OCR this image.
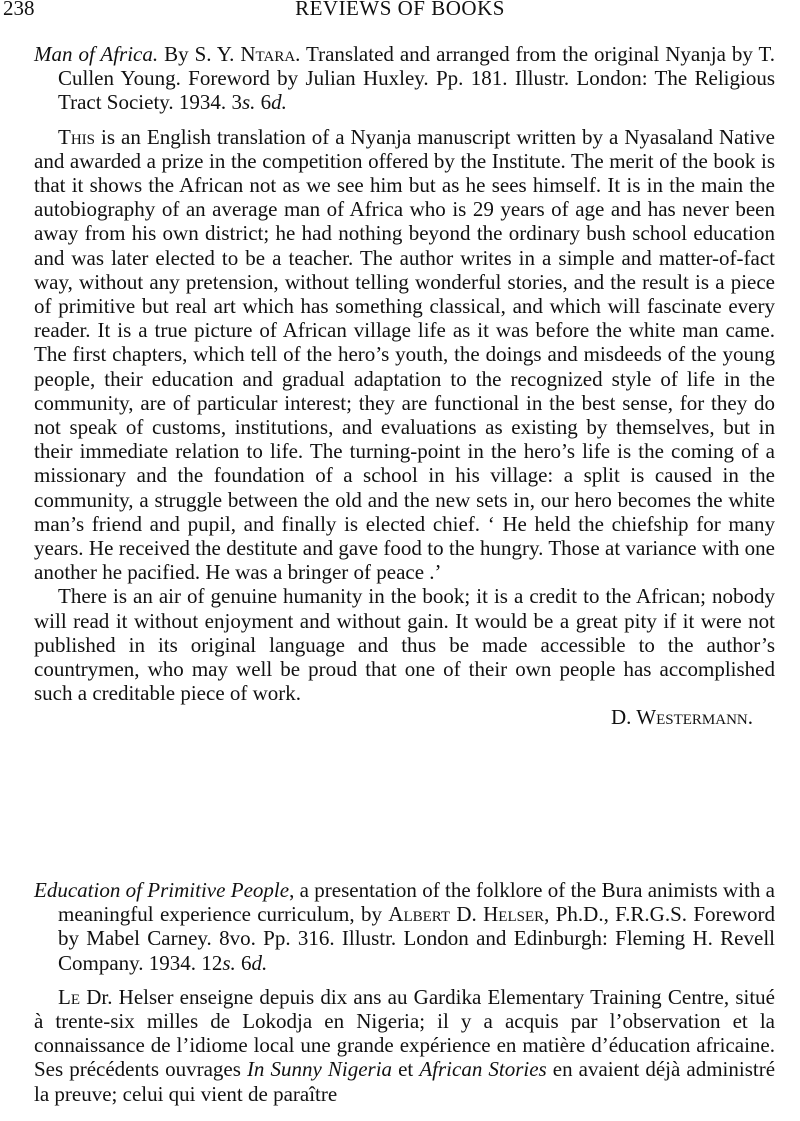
238	REVIEWS OF BOOKS

Man of Africa. By S. Y. Ntara. Translated and arranged from the original Nyanja by T. Cullen Young. Foreword by Julian Huxley. Pp. 181. Illustr. London: The Religious Tract Society. 1934. 3s. 6d.

This is an English translation of a Nyanja manuscript written by a Nyasaland Native and awarded a prize in the competition offered by the Institute. The merit of the book is that it shows the African not as we see him but as he sees himself. It is in the main the autobiography of an average man of Africa who is 29 years of age and has never been away from his own district; he had nothing beyond the ordinary bush school education and was later elected to be a teacher. The author writes in a simple and matter-of-fact way, without any pretension, without telling wonderful stories, and the result is a piece of primitive but real art which has something classical, and which will fascinate every reader. It is a true picture of African village life as it was before the white man came. The first chapters, which tell of the hero’s youth, the doings and misdeeds of the young people, their education and gradual adaptation to the recognized style of life in the community, are of particular interest; they are functional in the best sense, for they do not speak of customs, institutions, and evaluations as existing by themselves, but in their immediate relation to life. The turning-point in the hero’s life is the coming of a missionary and the foundation of a school in his village: a split is caused in the community, a struggle between the old and the new sets in, our hero becomes the white man’s friend and pupil, and finally is elected chief. ‘ He held the chiefship for many years. He received the destitute and gave food to the hungry. Those at variance with one another he pacified. He was a bringer of peace .’

There is an air of genuine humanity in the book; it is a credit to the African; nobody will read it without enjoyment and without gain. It would be a great pity if it were not published in its original language and thus be made accessible to the author’s countrymen, who may well be proud that one of their own people has accomplished such a creditable piece of work.

D. Westermann.

Education of Primitive People, a presentation of the folklore of the Bura animists with a meaningful experience curriculum, by Albert D. Helser, Ph.D., F.R.G.S. Foreword by Mabel Carney. 8vo. Pp. 316. Illustr. London and Edinburgh: Fleming H. Revell Company. 1934. 12s. 6d.

Le Dr. Helser enseigne depuis dix ans au Gardika Elementary Training Centre, situé à trente-six milles de Lokodja en Nigeria; il y a acquis par l’observation et la connaissance de l’idiome local une grande expérience en matière d’éducation africaine. Ses précédents ouvrages In Sunny Nigeria et African Stories en avaient déjà administré la preuve; celui qui vient de paraître
